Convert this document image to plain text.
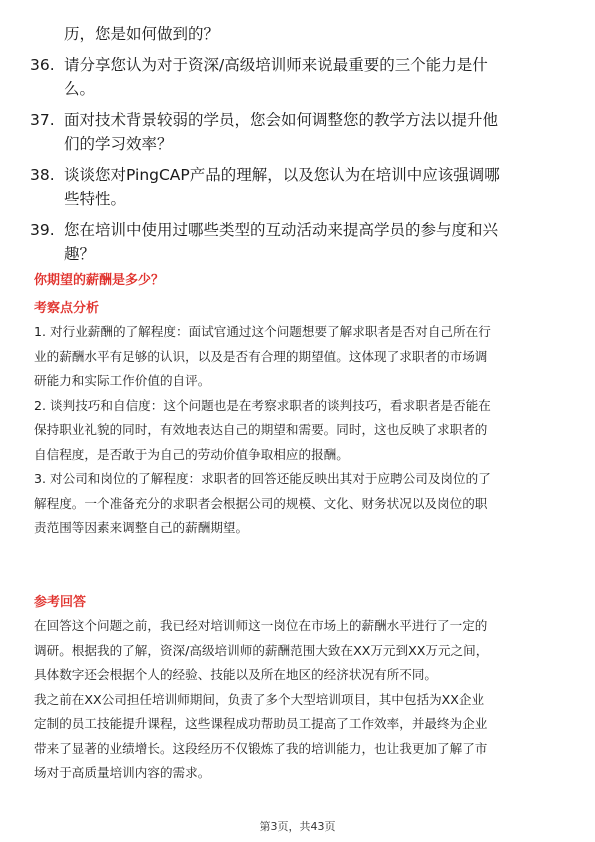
历，您是如何做到的？
36. 请分享您认为对于资深/高级培训师来说最重要的三个能力是什
么。
37. 面对技术背景较弱的学员，您会如何调整您的教学方法以提升他
们的学习效率？
38. 谈谈您对PingCAP产品的理解，以及您认为在培训中应该强调哪
些特性。
39. 您在培训中使用过哪些类型的互动活动来提高学员的参与度和兴
趣？

你期望的薪酬是多少？

考察点分析

1. 对行业薪酬的了解程度：面试官通过这个问题想要了解求职者是否对自己所在行
业的薪酬水平有足够的认识，以及是否有合理的期望值。这体现了求职者的市场调
研能力和实际工作价值的自评。

2. 谈判技巧和自信度：这个问题也是在考察求职者的谈判技巧，看求职者是否能在
保持职业礼貌的同时，有效地表达自己的期望和需要。同时，这也反映了求职者的
自信程度，是否敢于为自己的劳动价值争取相应的报酬。

3. 对公司和岗位的了解程度：求职者的回答还能反映出其对于应聘公司及岗位的了
解程度。一个准备充分的求职者会根据公司的规模、文化、财务状况以及岗位的职
责范围等因素来调整自己的薪酬期望。

参考回答

在回答这个问题之前，我已经对培训师这一岗位在市场上的薪酬水平进行了一定的
调研。根据我的了解，资深/高级培训师的薪酬范围大致在XX万元到XX万元之间，
具体数字还会根据个人的经验、技能以及所在地区的经济状况有所不同。

我之前在XX公司担任培训师期间，负责了多个大型培训项目，其中包括为XX企业
定制的员工技能提升课程，这些课程成功帮助员工提高了工作效率，并最终为企业
带来了显著的业绩增长。这段经历不仅锻炼了我的培训能力，也让我更加了解了市
场对于高质量培训内容的需求。

第3页，共43页
